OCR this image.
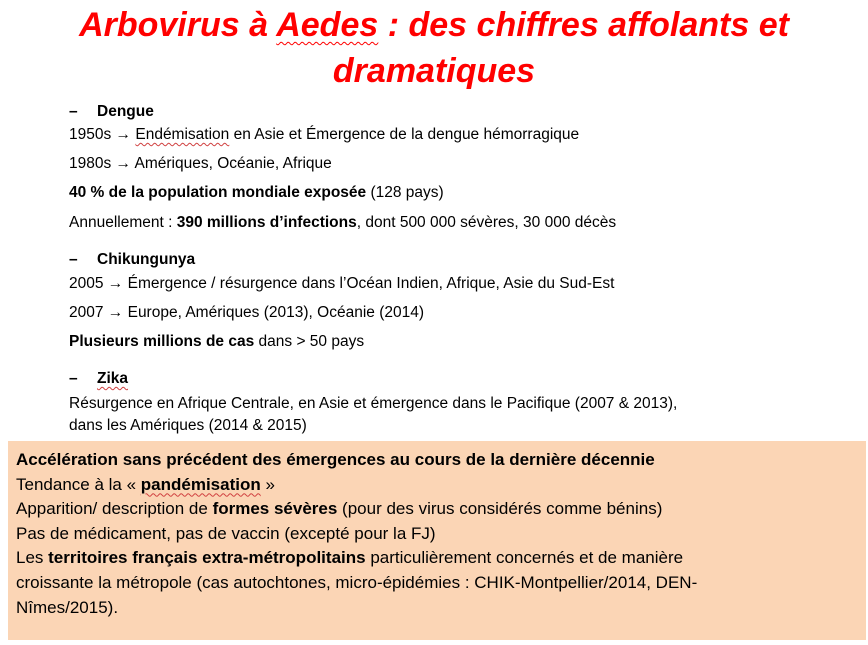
Arbovirus à Aedes : des chiffres affolants et
dramatiques
– Dengue
1950s → Endémisation en Asie et Émergence de la dengue hémorragique
1980s → Amériques, Océanie, Afrique
40 % de la population mondiale exposée (128 pays)
Annuellement : 390 millions d’infections, dont 500 000 sévères, 30 000 décès
– Chikungunya
2005 → Émergence / résurgence dans l’Océan Indien, Afrique, Asie du Sud-Est
2007 → Europe, Amériques (2013), Océanie (2014)
Plusieurs millions de cas dans > 50 pays
– Zika
Résurgence en Afrique Centrale, en Asie et émergence dans le Pacifique (2007 & 2013),
dans les Amériques (2014 & 2015)
Accélération sans précédent des émergences au cours de la dernière décennie
Tendance à la « pandémisation »
Apparition/ description de formes sévères (pour des virus considérés comme bénins)
Pas de médicament, pas de vaccin (excepté pour la FJ)
Les territoires français extra-métropolitains particulièrement concernés et de manière
croissante la métropole (cas autochtones, micro-épidémies : CHIK-Montpellier/2014, DEN-
Nîmes/2015).
